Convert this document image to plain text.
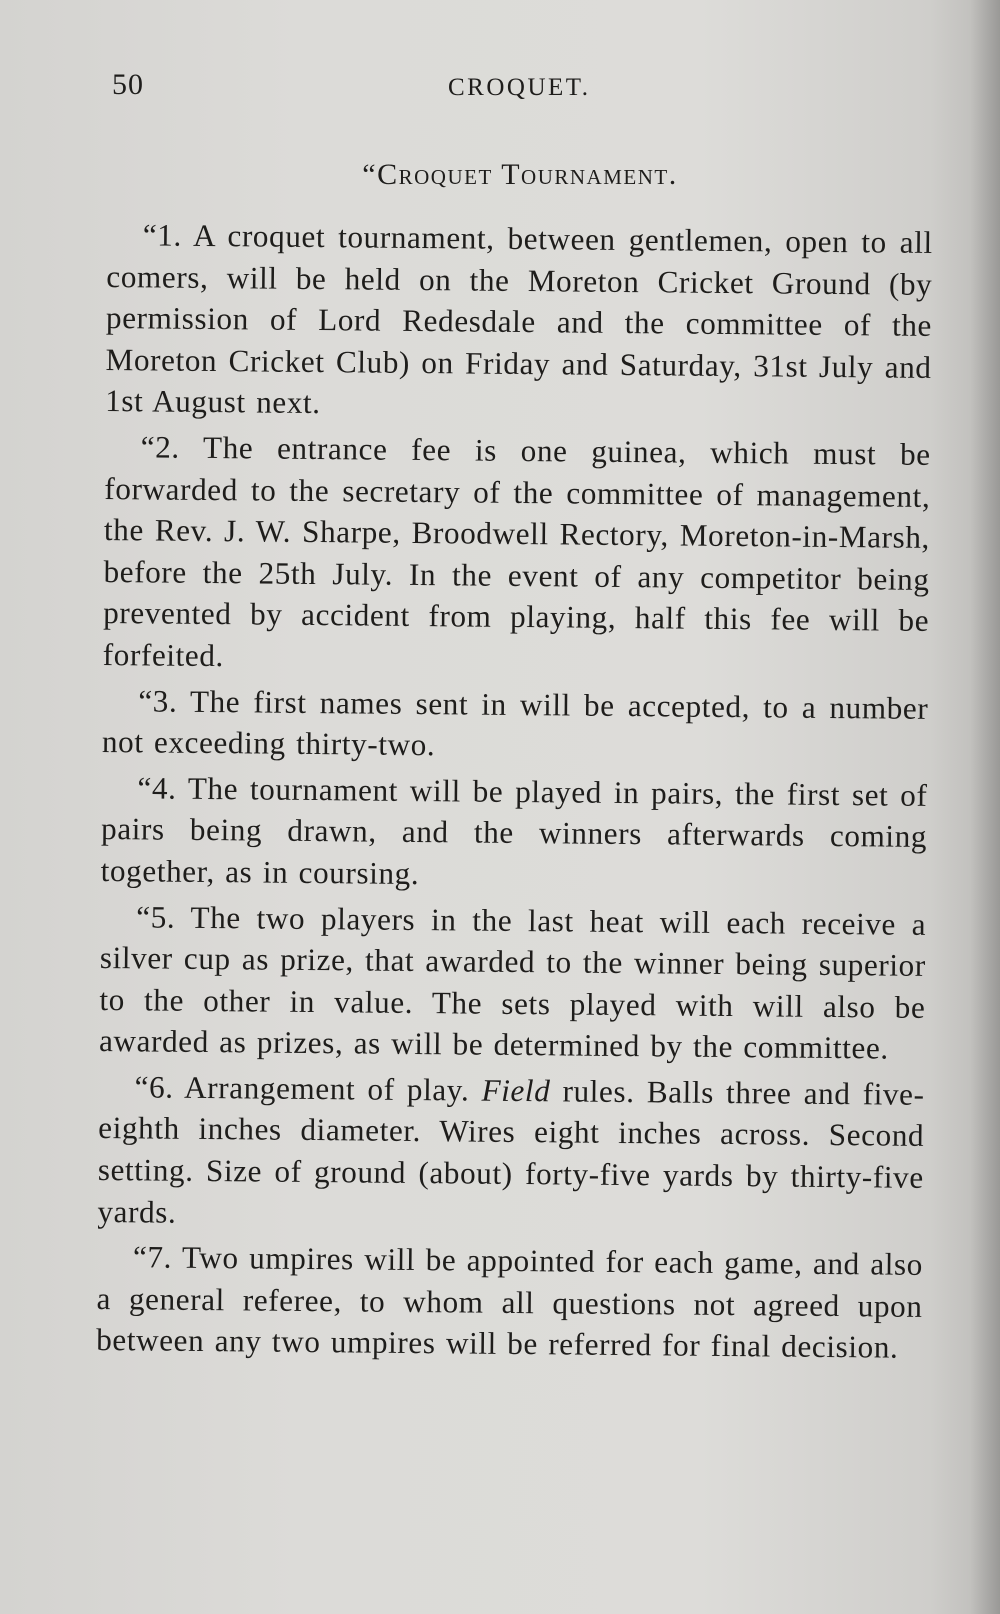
50	CROQUET.
“Croquet Tournament.

“1. A croquet tournament, between gentlemen, open to all comers, will be held on the Moreton Cricket Ground (by permission of Lord Redesdale and the committee of the Moreton Cricket Club) on Friday and Saturday, 31st July and 1st August next.

“2. The entrance fee is one guinea, which must be forwarded to the secretary of the committee of management, the Rev. J. W. Sharpe, Broodwell Rectory, Moreton-in-Marsh, before the 25th July. In the event of any competitor being prevented by accident from playing, half this fee will be forfeited.

“3. The first names sent in will be accepted, to a number not exceeding thirty-two.

“4. The tournament will be played in pairs, the first set of pairs being drawn, and the winners afterwards coming together, as in coursing.

“5. The two players in the last heat will each receive a silver cup as prize, that awarded to the winner being superior to the other in value. The sets played with will also be awarded as prizes, as will be determined by the committee.

“6. Arrangement of play. Field rules. Balls three and five-eighth inches diameter. Wires eight inches across. Second setting. Size of ground (about) forty-five yards by thirty-five yards.

“7. Two umpires will be appointed for each game, and also a general referee, to whom all questions not agreed upon between any two umpires will be referred for final decision.
